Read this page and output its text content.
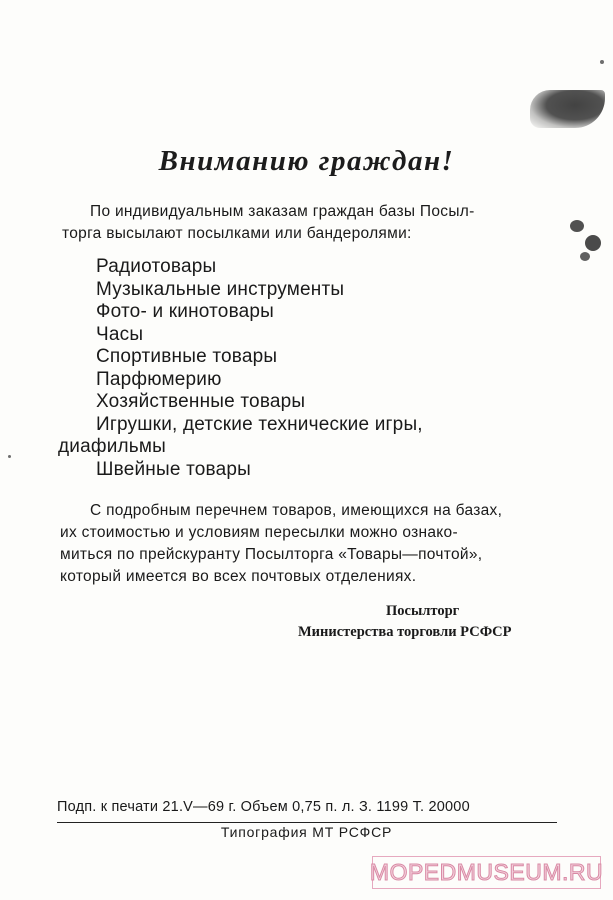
Вниманию граждан!
По индивидуальным заказам граждан базы Посыл-
торга высылают посылками или бандеролями:
Радиотовары
Музыкальные инструменты
Фото- и кинотовары
Часы
Спортивные товары
Парфюмерию
Хозяйственные товары
Игрушки, детские технические игры,
диафильмы
Швейные товары
С подробным перечнем товаров, имеющихся на базах,
их стоимостью и условиям пересылки можно ознако-
миться по прейскуранту Посылторга «Товары—почтой»,
который имеется во всех почтовых отделениях.
Посылторг
Министерства торговли РСФСР
Подп. к печати 21.V—69 г. Объем 0,75 п. л. З. 1199 Т. 20000
Типография МТ РСФСР
MOPEDMUSEUM.RU
